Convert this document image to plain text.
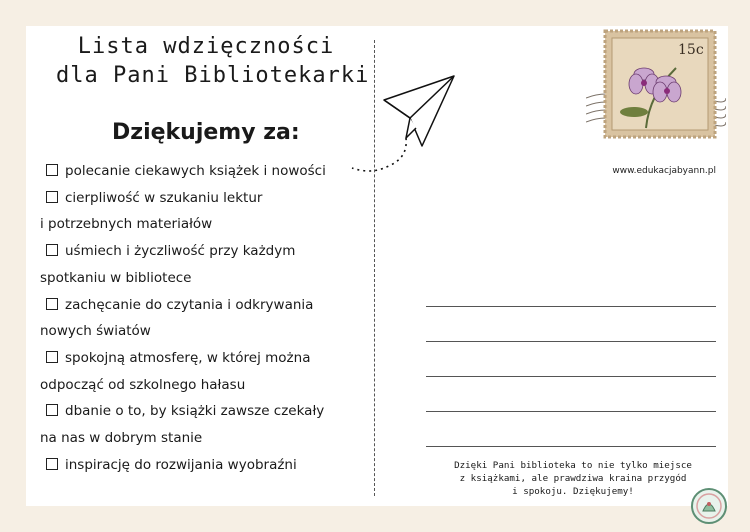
Lista wdzięczności
dla Pani Bibliotekarki
Dziękujemy za:
polecanie ciekawych książek i nowości
cierpliwość w szukaniu lektur
i potrzebnych materiałów
uśmiech i życzliwość przy każdym
spotkaniu w bibliotece
zachęcanie do czytania i odkrywania
nowych światów
spokojną atmosferę, w której można
odpocząć od szkolnego hałasu
dbanie o to, by książki zawsze czekały
na nas w dobrym stanie
inspirację do rozwijania wyobraźni
15c
www.edukacjabyann.pl
Dzięki Pani biblioteka to nie tylko miejsce
z książkami, ale prawdziwa kraina przygód
i spokoju. Dziękujemy!
